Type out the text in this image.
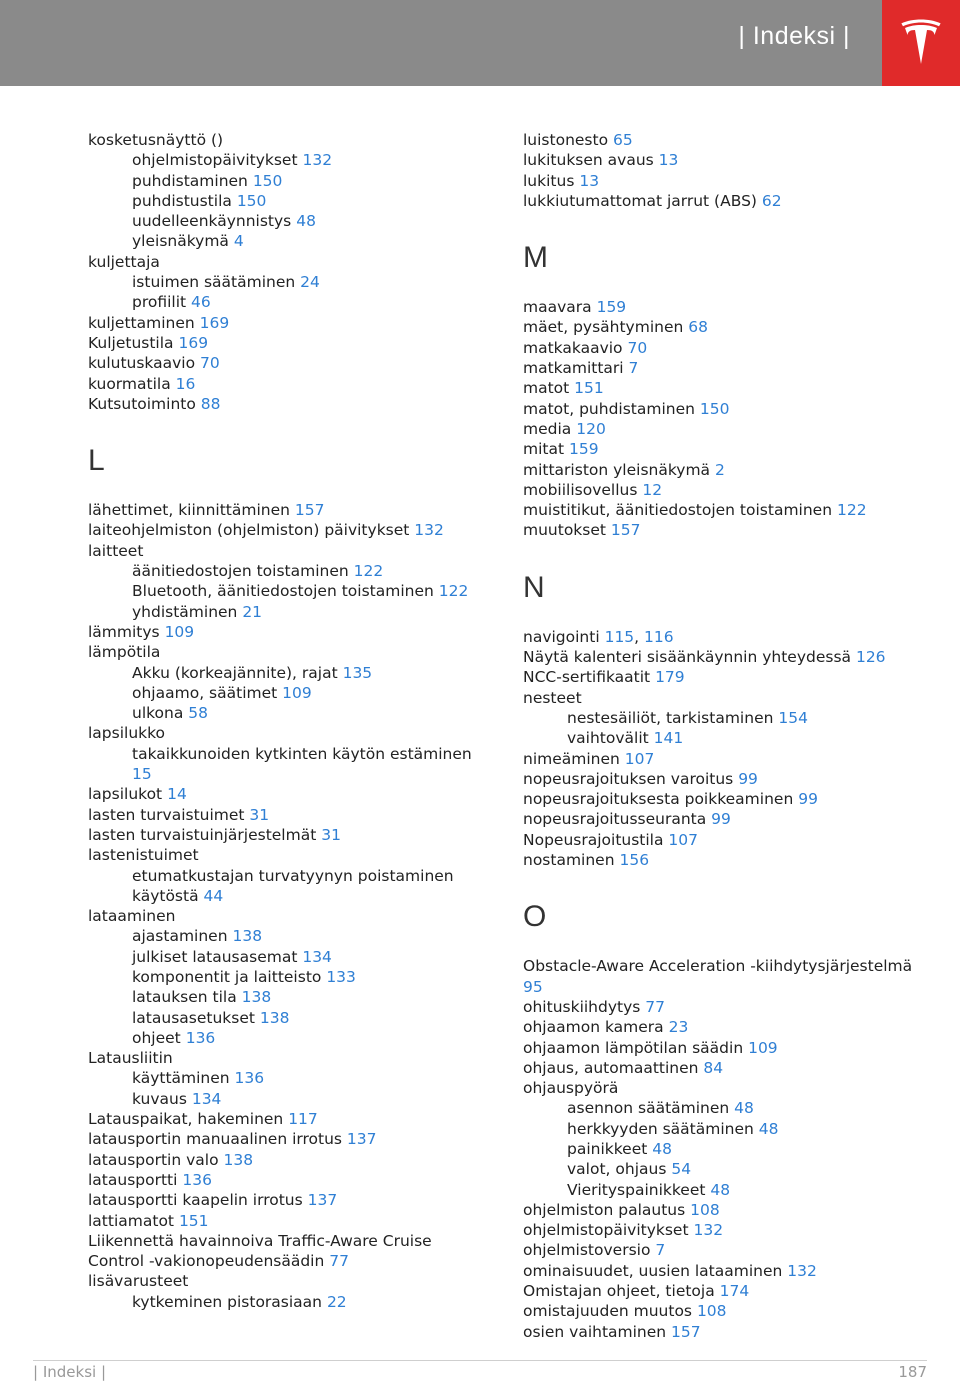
| Indeksi |
kosketusnäyttö ()
ohjelmistopäivitykset 132
puhdistaminen 150
puhdistustila 150
uudelleenkäynnistys 48
yleisnäkymä 4
kuljettaja
istuimen säätäminen 24
profiilit 46
kuljettaminen 169
Kuljetustila 169
kulutuskaavio 70
kuormatila 16
Kutsutoiminto 88
L
lähettimet, kiinnittäminen 157
laiteohjelmiston (ohjelmiston) päivitykset 132
laitteet
äänitiedostojen toistaminen 122
Bluetooth, äänitiedostojen toistaminen 122
yhdistäminen 21
lämmitys 109
lämpötila
Akku (korkeajännite), rajat 135
ohjaamo, säätimet 109
ulkona 58
lapsilukko
takaikkunoiden kytkinten käytön estäminen 15
lapsilukot 14
lasten turvaistuimet 31
lasten turvaistuinjärjestelmät 31
lastenistuimet
etumatkustajan turvatyynyn poistaminen käytöstä 44
lataaminen
ajastaminen 138
julkiset latausasemat 134
komponentit ja laitteisto 133
latauksen tila 138
latausasetukset 138
ohjeet 136
Latausliitin
käyttäminen 136
kuvaus 134
Latauspaikat, hakeminen 117
latausportin manuaalinen irrotus 137
latausportin valo 138
latausportti 136
latausportti kaapelin irrotus 137
lattiamatot 151
Liikennettä havainnoiva Traffic-Aware Cruise Control -vakionopeudensäädin 77
lisävarusteet
kytkeminen pistorasiaan 22
luistonesto 65
lukituksen avaus 13
lukitus 13
lukkiutumattomat jarrut (ABS) 62
M
maavara 159
mäet, pysähtyminen 68
matkakaavio 70
matkamittari 7
matot 151
matot, puhdistaminen 150
media 120
mitat 159
mittariston yleisnäkymä 2
mobiilisovellus 12
muistitikut, äänitiedostojen toistaminen 122
muutokset 157
N
navigointi 115, 116
Näytä kalenteri sisäänkäynnin yhteydessä 126
NCC-sertifikaatit 179
nesteet
nestesäiliöt, tarkistaminen 154
vaihtovälit 141
nimeäminen 107
nopeusrajoituksen varoitus 99
nopeusrajoituksesta poikkeaminen 99
nopeusrajoitusseuranta 99
Nopeusrajoitustila 107
nostaminen 156
O
Obstacle-Aware Acceleration -kiihdytysjärjestelmä 95
ohituskiihdytys 77
ohjaamon kamera 23
ohjaamon lämpötilan säädin 109
ohjaus, automaattinen 84
ohjauspyörä
asennon säätäminen 48
herkkyyden säätäminen 48
painikkeet 48
valot, ohjaus 54
Vierityspainikkeet 48
ohjelmiston palautus 108
ohjelmistopäivitykset 132
ohjelmistoversio 7
ominaisuudet, uusien lataaminen 132
Omistajan ohjeet, tietoja 174
omistajuuden muutos 108
osien vaihtaminen 157
| Indeksi |	187
